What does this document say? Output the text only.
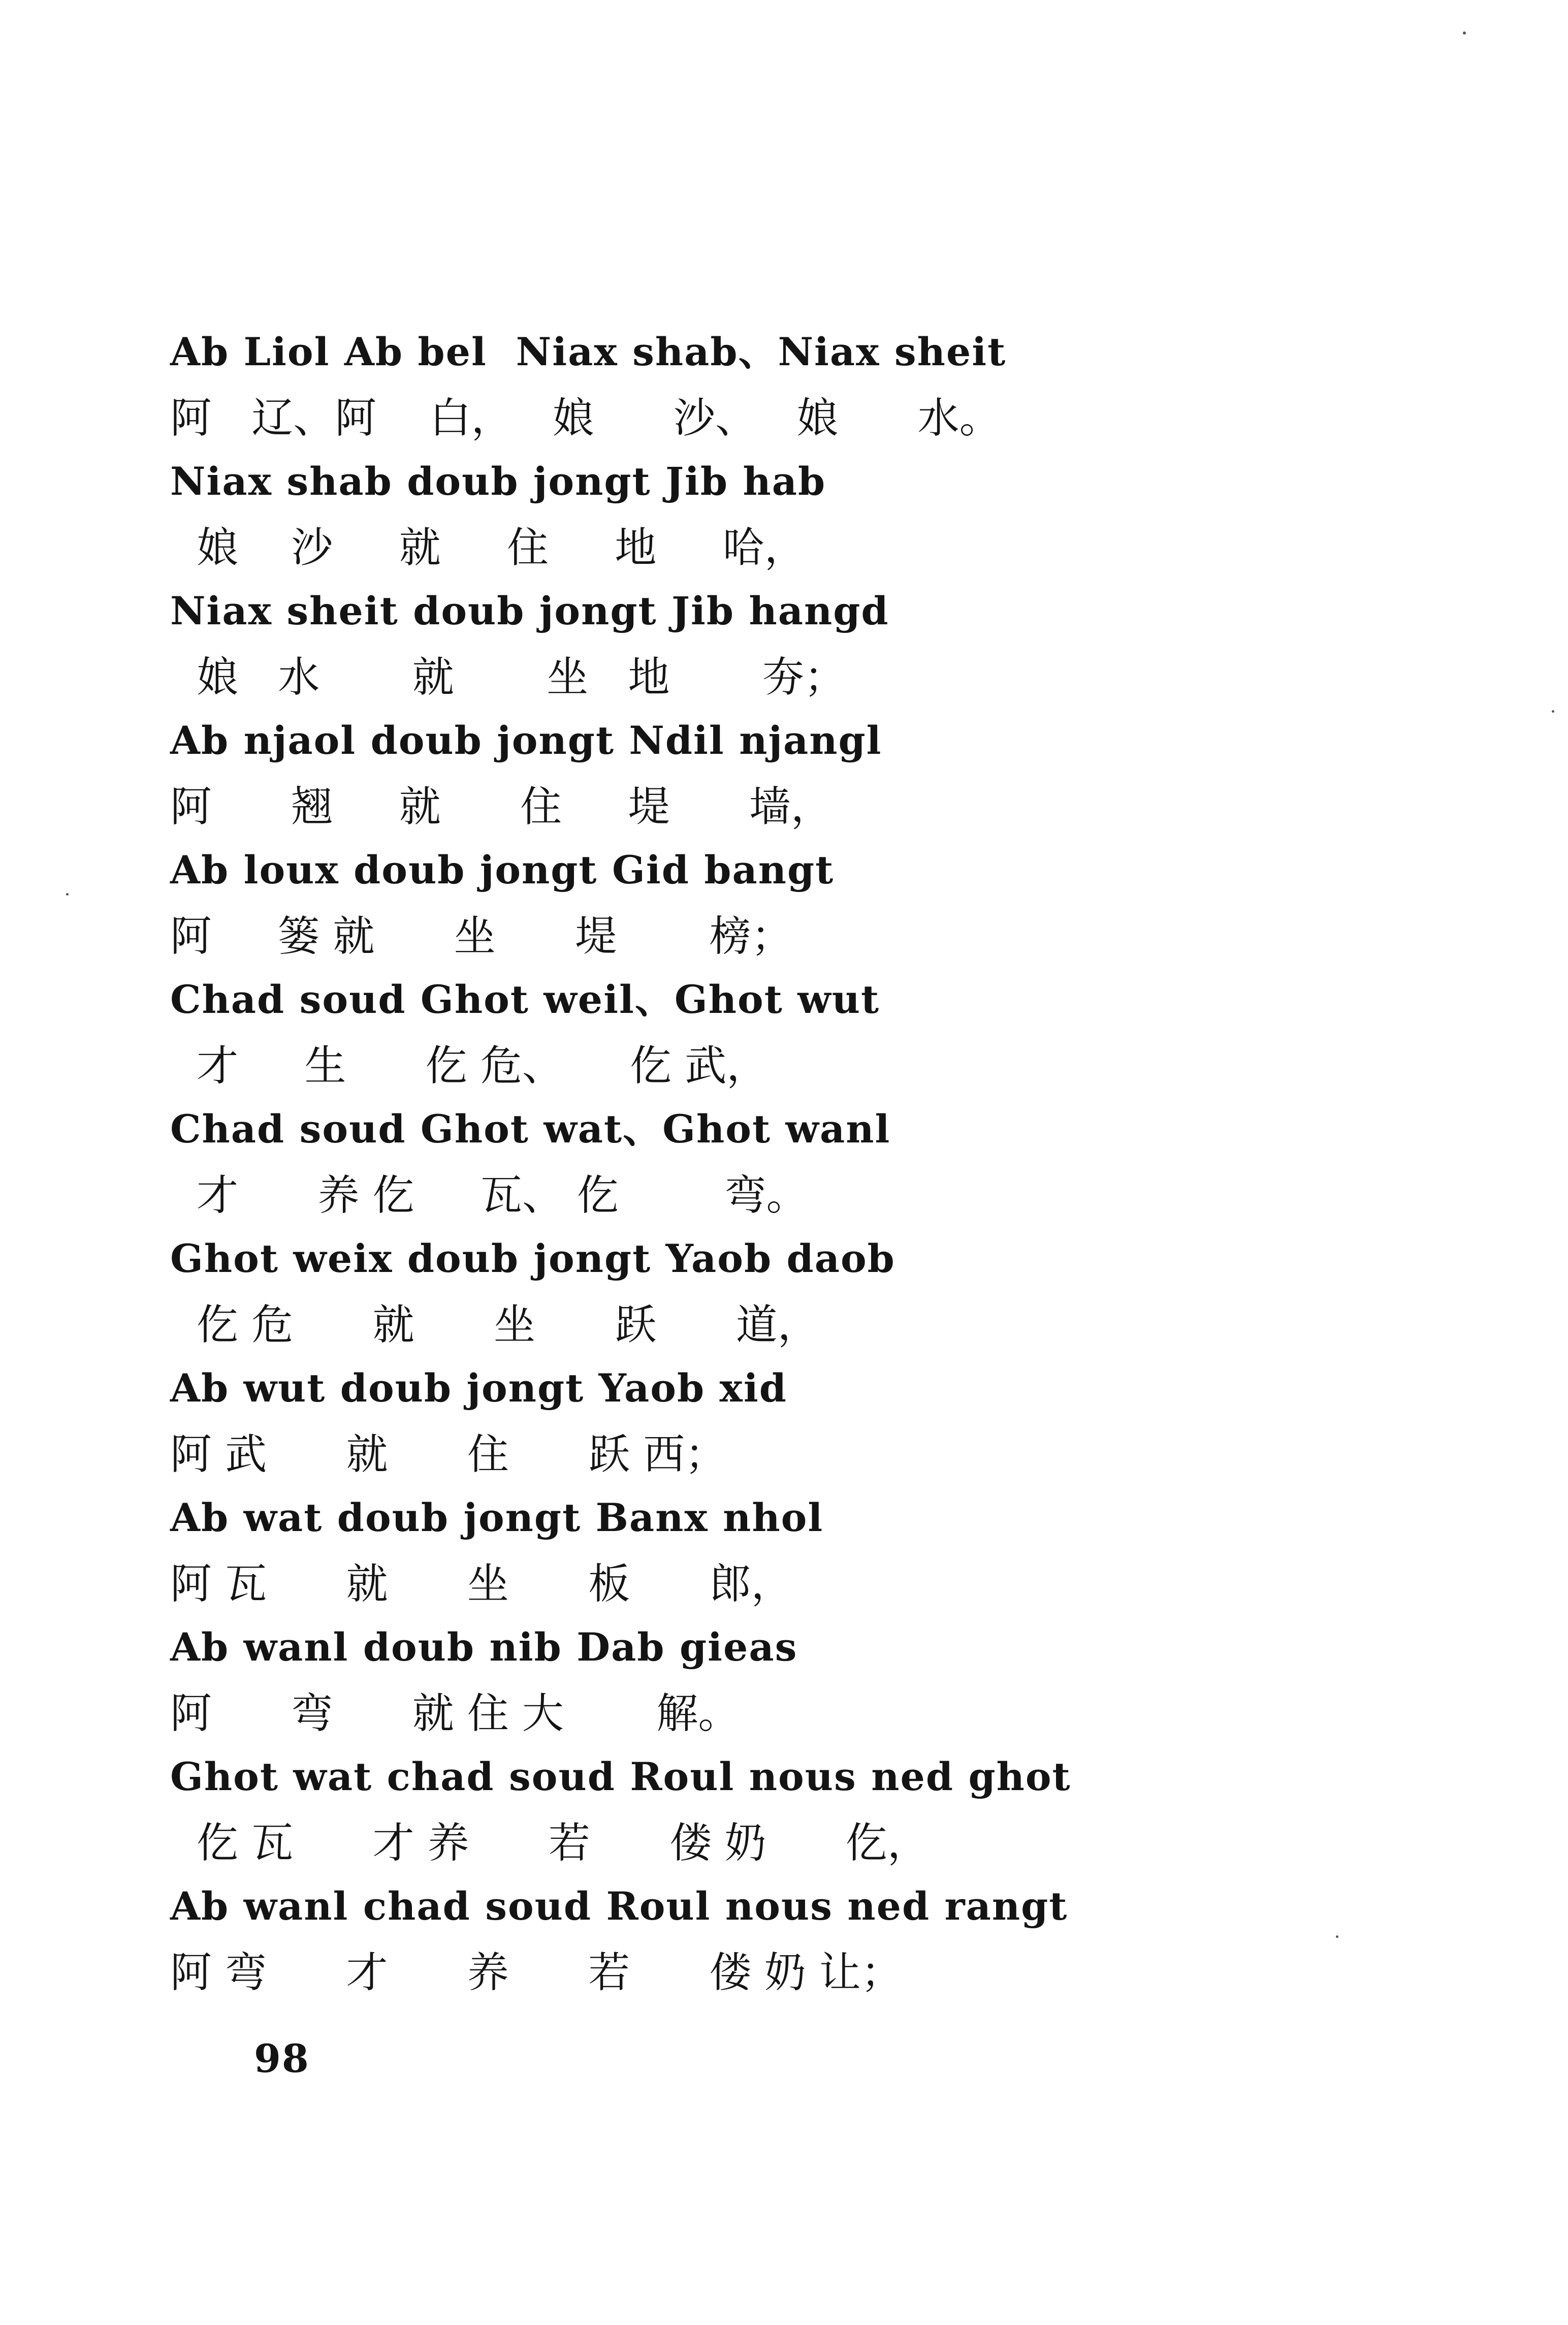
Ab Liol Ab bel  Niax shab、Niax sheit
阿   辽、阿    白，   娘      沙、   娘      水。
Niax shab doub jongt Jib hab
娘    沙     就     住     地     哈，
Niax sheit doub jongt Jib hangd
娘   水       就       坐   地       夯；
Ab njaol doub jongt Ndil njangl
阿      翘     就      住     堤      墙，
Ab loux doub jongt Gid bangt
阿     篓 就      坐      堤       榜；
Chad soud Ghot weil、Ghot wut
才     生      仡 危、     仡 武，
Chad soud Ghot wat、Ghot wanl
才      养 仡     瓦、 仡        弯。
Ghot weix doub jongt Yaob daob
仡 危      就      坐      跃      道，
Ab wut doub jongt Yaob xid
阿 武      就      住      跃 西；
Ab wat doub jongt Banx nhol
阿 瓦      就      坐      板      郎，
Ab wanl doub nib Dab gieas
阿      弯      就 住 大       解。
Ghot wat chad soud Roul nous ned ghot
仡 瓦      才 养      若      偻 奶      仡，
Ab wanl chad soud Roul nous ned rangt
阿 弯      才      养      若      偻 奶 让；
98
